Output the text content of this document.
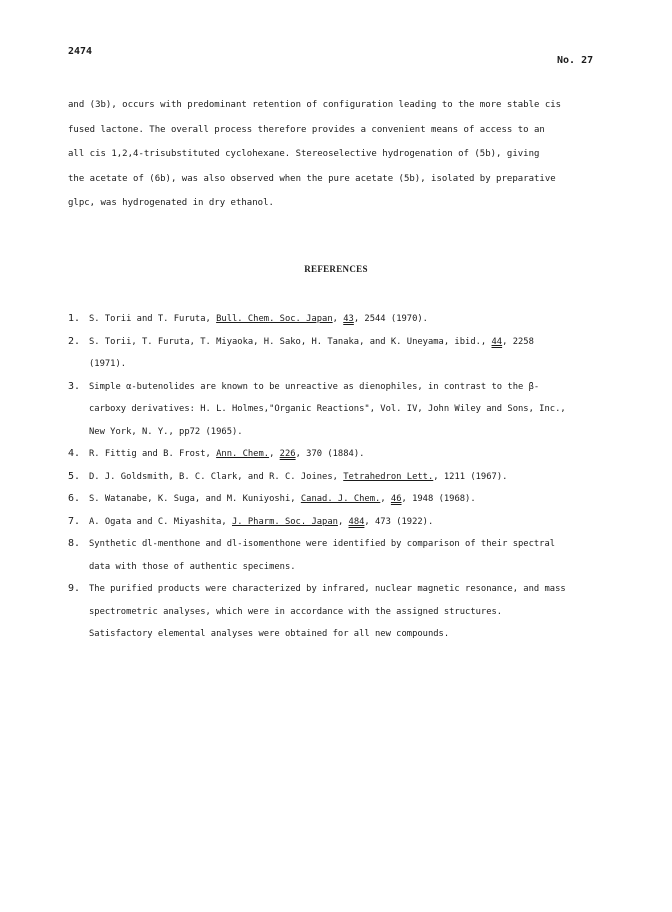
2474
No. 27
and (3b), occurs with predominant retention of configuration leading to the more stable cis
fused lactone. The overall process therefore provides a convenient means of access to an
all cis 1,2,4-trisubstituted cyclohexane. Stereoselective hydrogenation of (5b), giving
the acetate of (6b), was also observed when the pure acetate (5b), isolated by preparative
glpc, was hydrogenated in dry ethanol.
REFERENCES
1.	S. Torii and T. Furuta, Bull. Chem. Soc. Japan, 43, 2544 (1970).
2.	S. Torii, T. Furuta, T. Miyaoka, H. Sako, H. Tanaka, and K. Uneyama, ibid., 44, 2258
(1971).
3.	Simple α-butenolides are known to be unreactive as dienophiles, in contrast to the β-
carboxy derivatives: H. L. Holmes,"Organic Reactions", Vol. IV, John Wiley and Sons, Inc.,
New York, N. Y., pp72 (1965).
4.	R. Fittig and B. Frost, Ann. Chem., 226, 370 (1884).
5.	D. J. Goldsmith, B. C. Clark, and R. C. Joines, Tetrahedron Lett., 1211 (1967).
6.	S. Watanabe, K. Suga, and M. Kuniyoshi, Canad. J. Chem., 46, 1948 (1968).
7.	A. Ogata and C. Miyashita, J. Pharm. Soc. Japan, 484, 473 (1922).
8.	Synthetic dl-menthone and dl-isomenthone were identified by comparison of their spectral
data with those of authentic specimens.
9.	The purified products were characterized by infrared, nuclear magnetic resonance, and mass
spectrometric analyses, which were in accordance with the assigned structures.
Satisfactory elemental analyses were obtained for all new compounds.
